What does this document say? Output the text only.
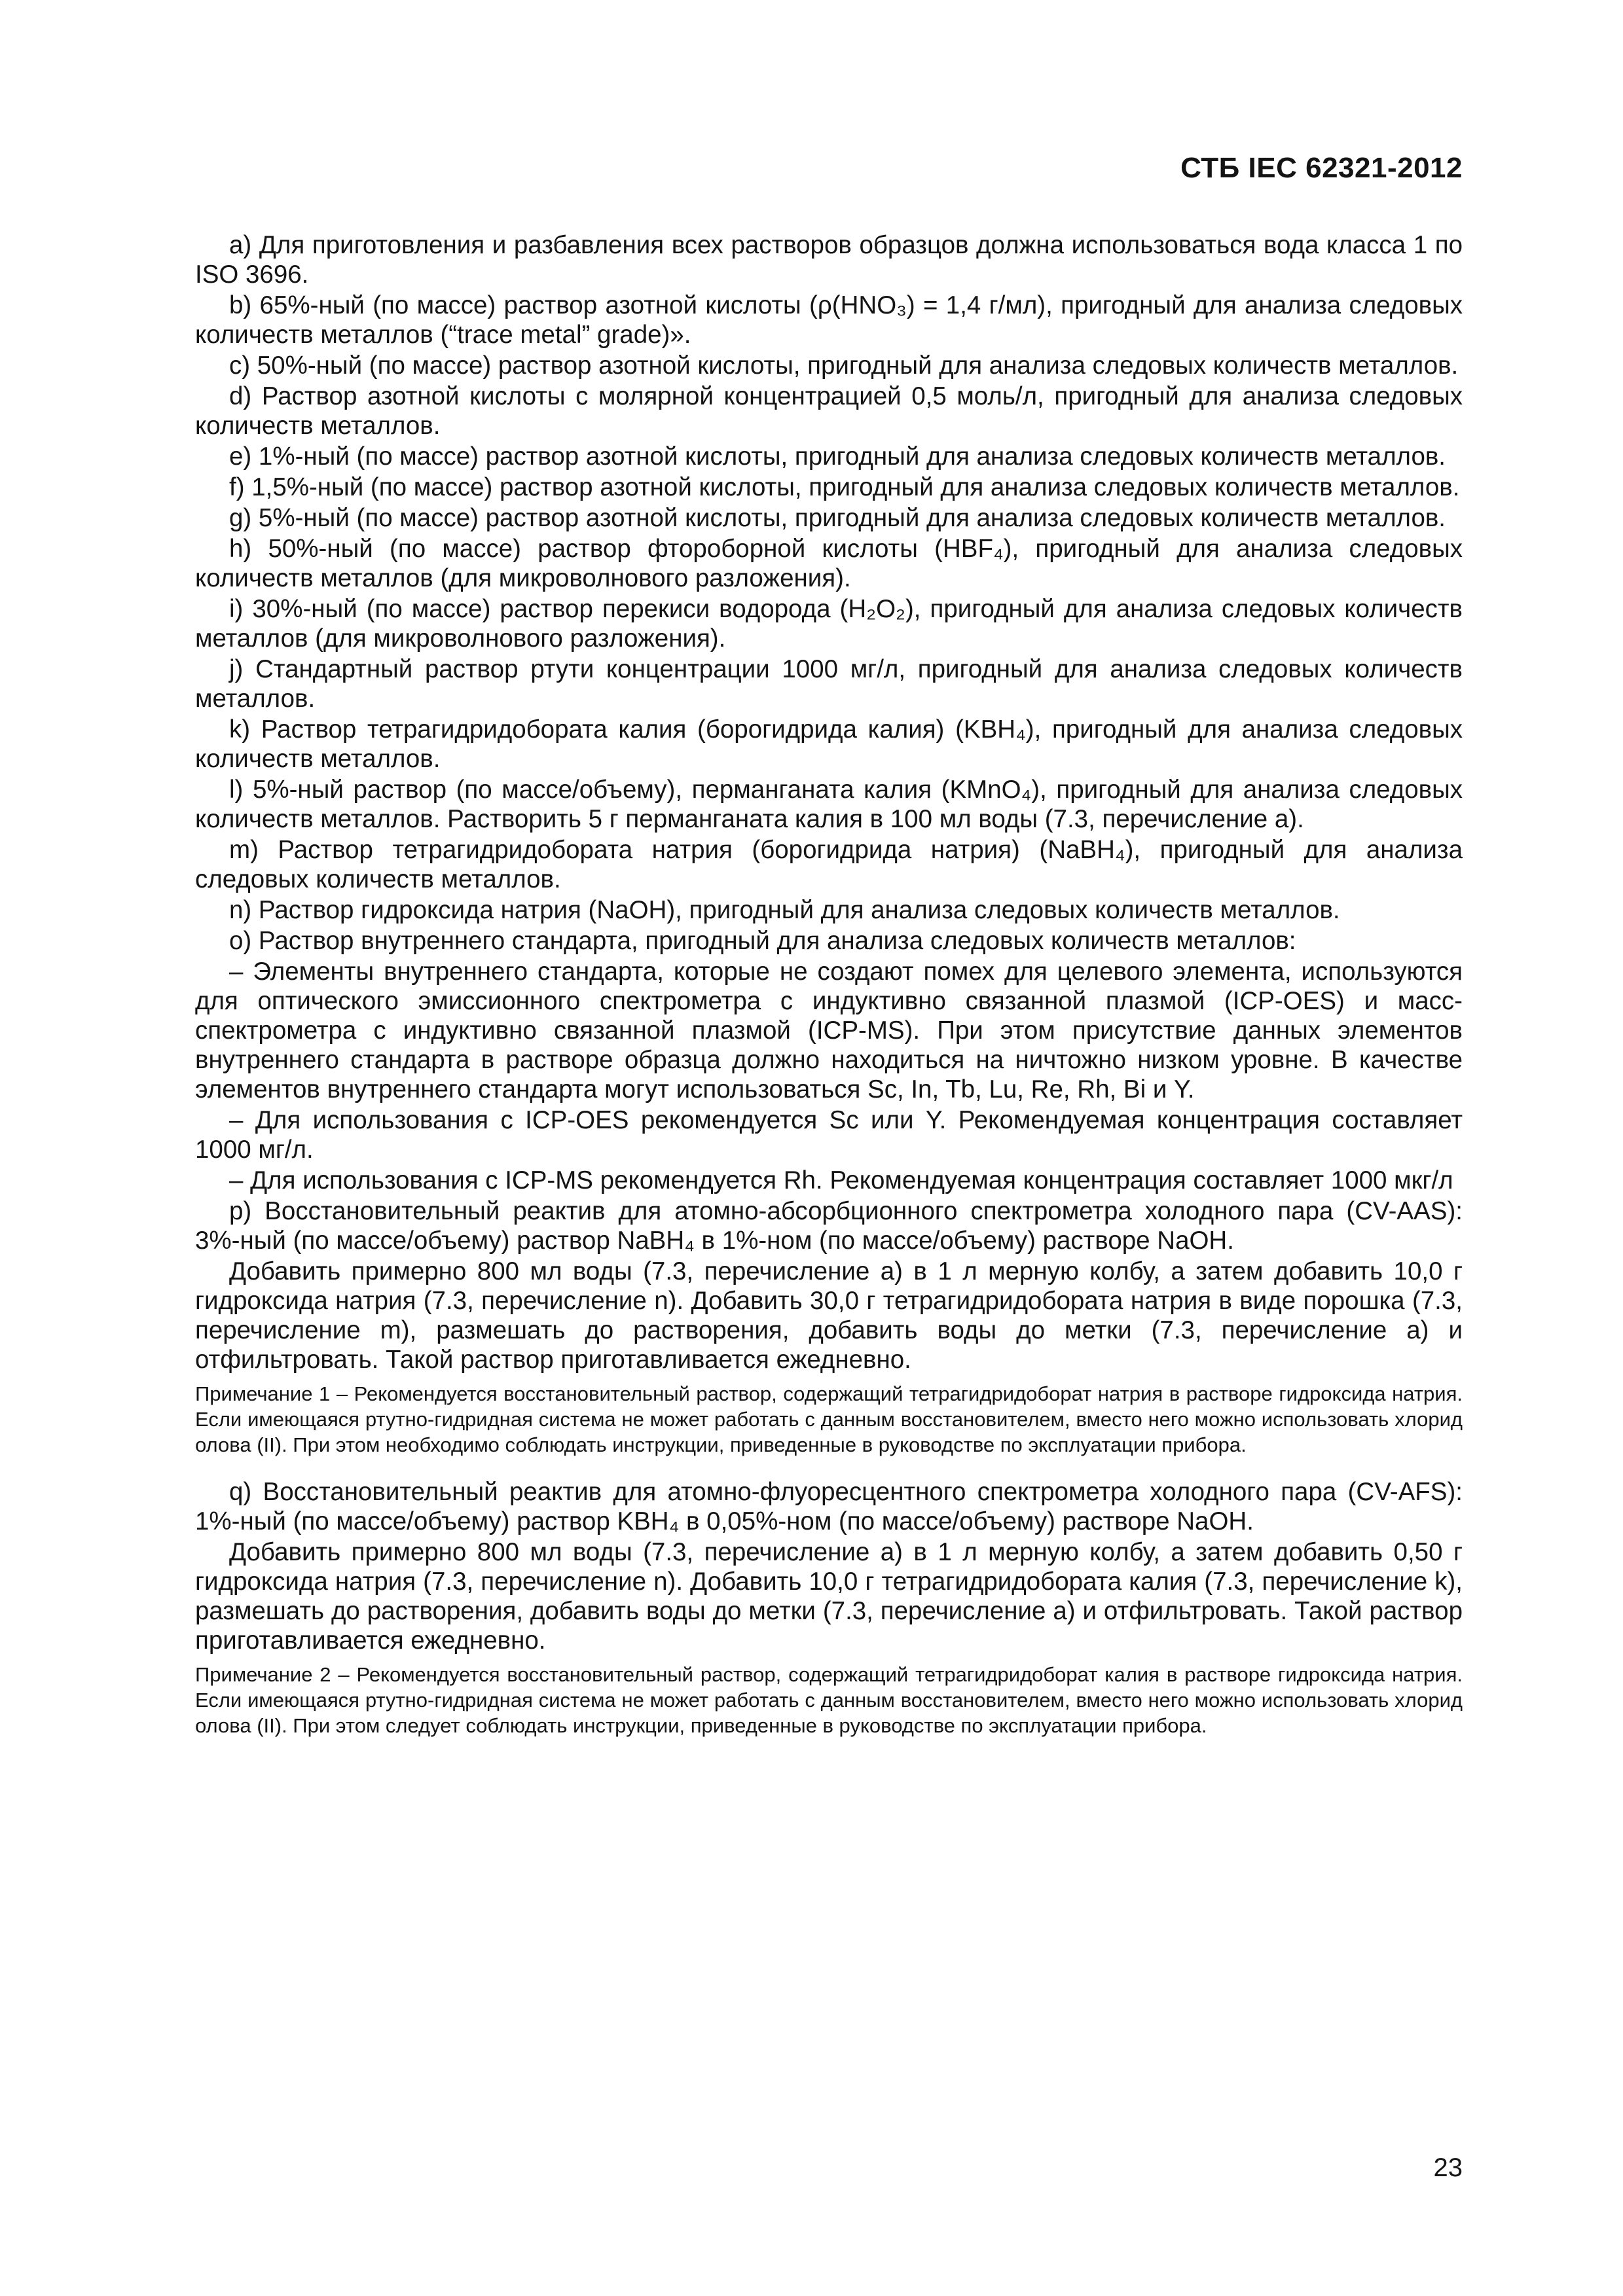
СТБ IEC 62321-2012

a) Для приготовления и разбавления всех растворов образцов должна использоваться вода класса 1 по ISO 3696.

b) 65%-ный (по массе) раствор азотной кислоты (ρ(HNO₃) = 1,4 г/мл), пригодный для анализа следовых количеств металлов (“trace metal” grade)».

c) 50%-ный (по массе) раствор азотной кислоты, пригодный для анализа следовых количеств металлов.

d) Раствор азотной кислоты с молярной концентрацией 0,5 моль/л, пригодный для анализа следовых количеств металлов.

e) 1%-ный (по массе) раствор азотной кислоты, пригодный для анализа следовых количеств металлов.

f) 1,5%-ный (по массе) раствор азотной кислоты, пригодный для анализа следовых количеств металлов.

g) 5%-ный (по массе) раствор азотной кислоты, пригодный для анализа следовых количеств металлов.

h) 50%-ный (по массе) раствор фтороборной кислоты (HBF₄), пригодный для анализа следовых количеств металлов (для микроволнового разложения).

i) 30%-ный (по массе) раствор перекиси водорода (H₂O₂), пригодный для анализа следовых количеств металлов (для микроволнового разложения).

j) Стандартный раствор ртути концентрации 1000 мг/л, пригодный для анализа следовых количеств металлов.

k) Раствор тетрагидридобората калия (борогидрида калия) (KBH₄), пригодный для анализа следовых количеств металлов.

l) 5%-ный раствор (по массе/объему), перманганата калия (KMnO₄), пригодный для анализа следовых количеств металлов. Растворить 5 г перманганата калия в 100 мл воды (7.3, перечисление a).

m) Раствор тетрагидридобората натрия (борогидрида натрия) (NaBH₄), пригодный для анализа следовых количеств металлов.

n) Раствор гидроксида натрия (NaOH), пригодный для анализа следовых количеств металлов.

o) Раствор внутреннего стандарта, пригодный для анализа следовых количеств металлов:

– Элементы внутреннего стандарта, которые не создают помех для целевого элемента, используются для оптического эмиссионного спектрометра с индуктивно связанной плазмой (ICP-OES) и масс-спектрометра с индуктивно связанной плазмой (ICP-MS). При этом присутствие данных элементов внутреннего стандарта в растворе образца должно находиться на ничтожно низком уровне. В качестве элементов внутреннего стандарта могут использоваться Sc, In, Tb, Lu, Re, Rh, Bi и Y.

– Для использования с ICP-OES рекомендуется Sc или Y. Рекомендуемая концентрация составляет 1000 мг/л.

– Для использования с ICP-MS рекомендуется Rh. Рекомендуемая концентрация составляет 1000 мкг/л

p) Восстановительный реактив для атомно-абсорбционного спектрометра холодного пара (CV-AAS): 3%-ный (по массе/объему) раствор NaBH₄ в 1%-ном (по массе/объему) растворе NaOH.

Добавить примерно 800 мл воды (7.3, перечисление a) в 1 л мерную колбу, а затем добавить 10,0 г гидроксида натрия (7.3, перечисление n). Добавить 30,0 г тетрагидридобората натрия в виде порошка (7.3, перечисление m), размешать до растворения, добавить воды до метки (7.3, перечисление a) и отфильтровать. Такой раствор приготавливается ежедневно.

Примечание 1 – Рекомендуется восстановительный раствор, содержащий тетрагидридоборат натрия в растворе гидроксида натрия. Если имеющаяся ртутно-гидридная система не может работать с данным восстановителем, вместо него можно использовать хлорид олова (II). При этом необходимо соблюдать инструкции, приведенные в руководстве по эксплуатации прибора.

q) Восстановительный реактив для атомно-флуоресцентного спектрометра холодного пара (CV-AFS): 1%-ный (по массе/объему) раствор KBH₄ в 0,05%-ном (по массе/объему) растворе NaOH.

Добавить примерно 800 мл воды (7.3, перечисление a) в 1 л мерную колбу, а затем добавить 0,50 г гидроксида натрия (7.3, перечисление n). Добавить 10,0 г тетрагидридобората калия (7.3, перечисление k), размешать до растворения, добавить воды до метки (7.3, перечисление a) и отфильтровать. Такой раствор приготавливается ежедневно.

Примечание 2 – Рекомендуется восстановительный раствор, содержащий тетрагидридоборат калия в растворе гидроксида натрия. Если имеющаяся ртутно-гидридная система не может работать с данным восстановителем, вместо него можно использовать хлорид олова (II). При этом следует соблюдать инструкции, приведенные в руководстве по эксплуатации прибора.

23
